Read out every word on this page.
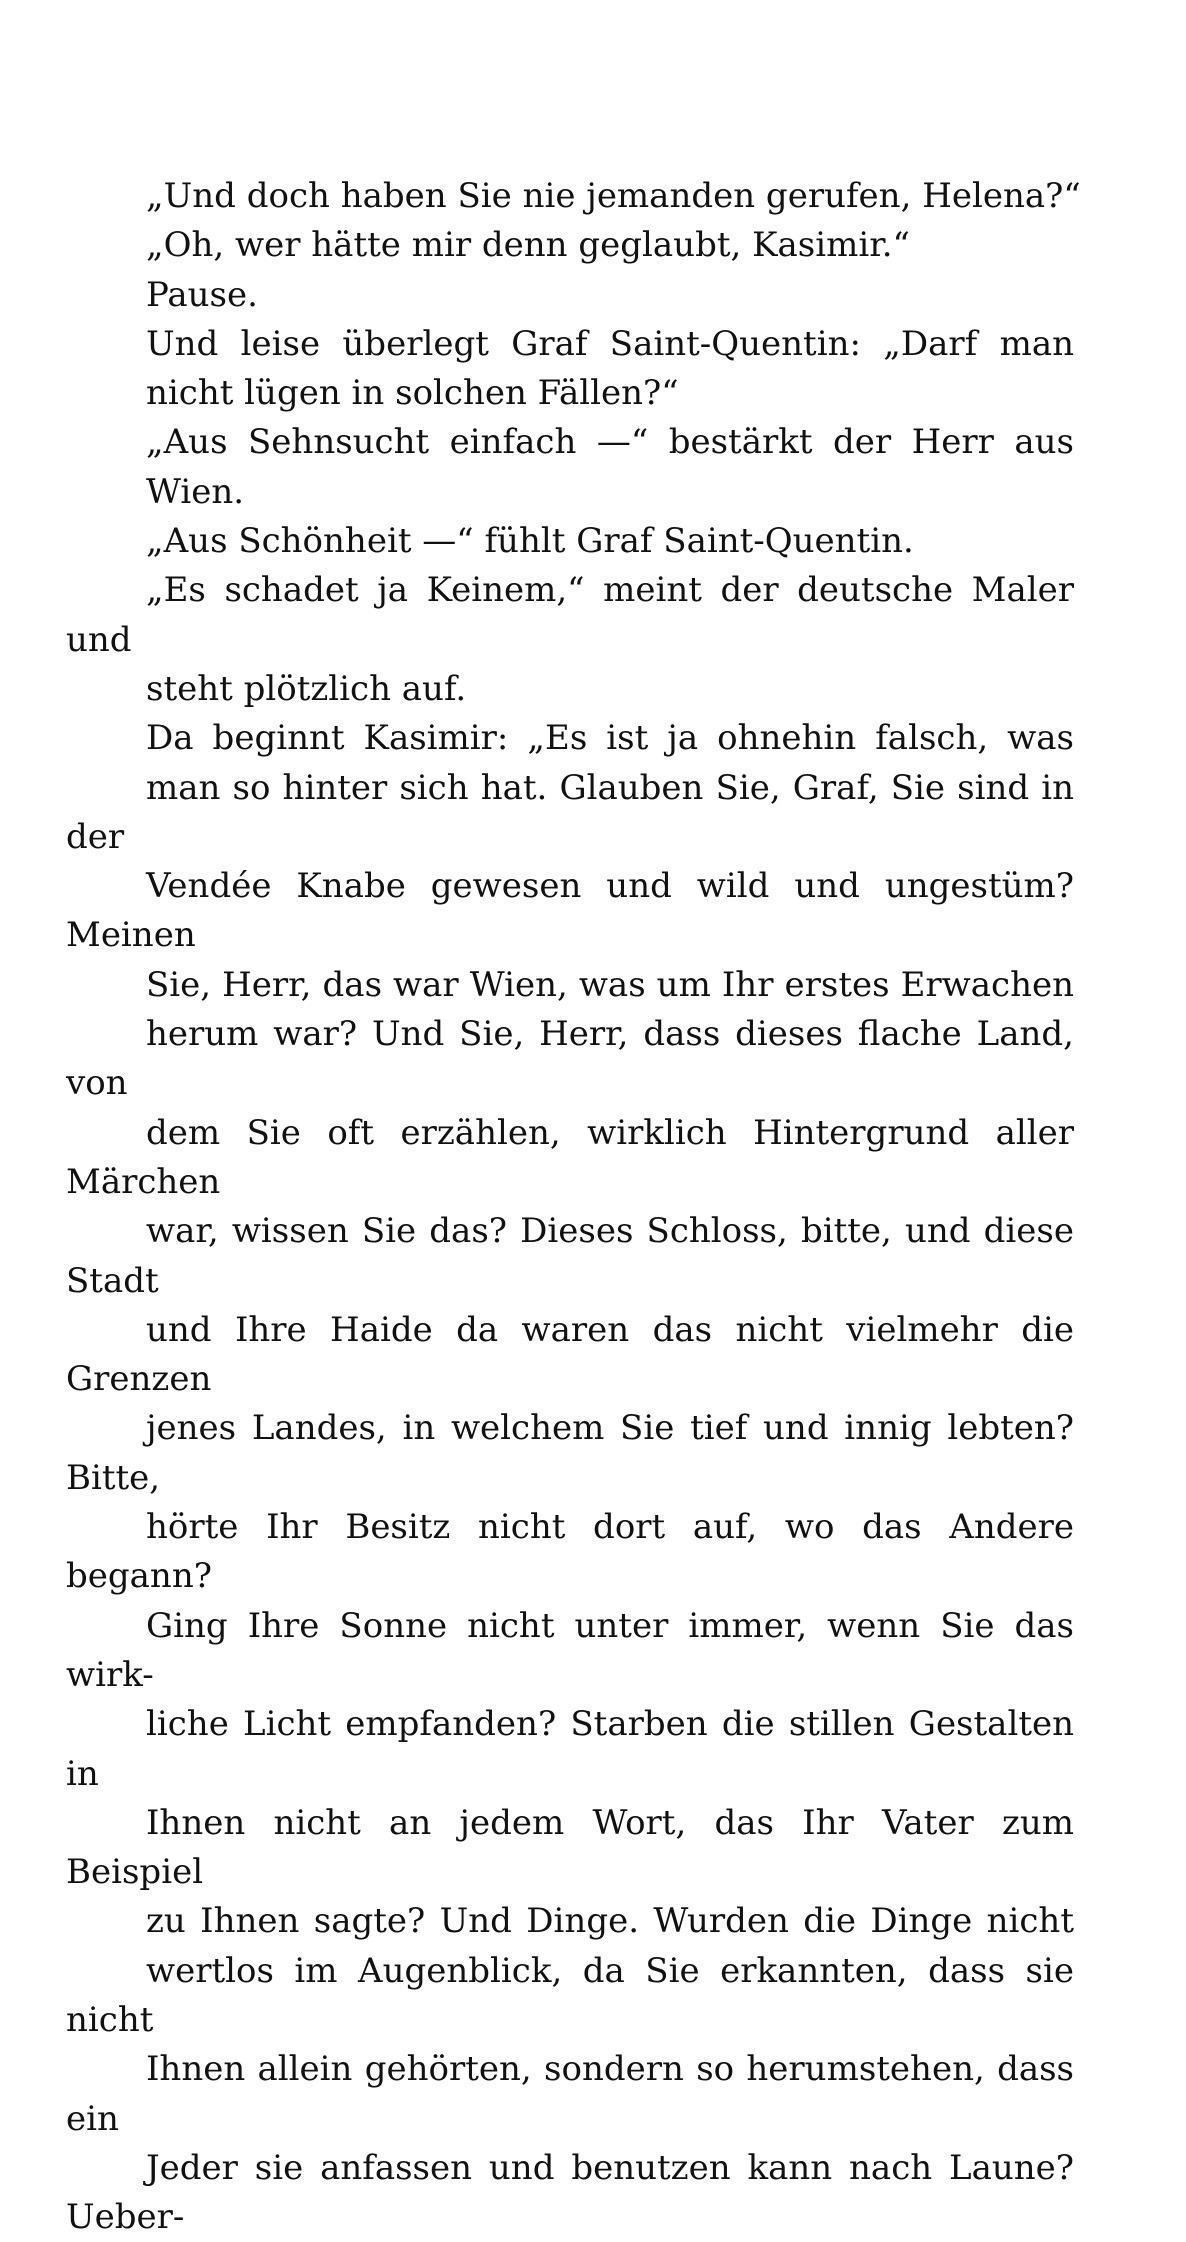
„Und doch haben Sie nie jemanden gerufen, Helena?“

„Oh, wer hätte mir denn geglaubt, Kasimir.“

Pause.

Und leise überlegt Graf Saint-Quentin: „Darf man
nicht lügen in solchen Fällen?“

„Aus Sehnsucht einfach —“ bestärkt der Herr aus
Wien.

„Aus Schönheit —“ fühlt Graf Saint-Quentin.

„Es schadet ja Keinem,“ meint der deutsche Maler und
steht plötzlich auf.

Da beginnt Kasimir: „Es ist ja ohnehin falsch, was
man so hinter sich hat. Glauben Sie, Graf, Sie sind in der
Vendée Knabe gewesen und wild und ungestüm? Meinen
Sie, Herr, das war Wien, was um Ihr erstes Erwachen
herum war? Und Sie, Herr, dass dieses flache Land, von
dem Sie oft erzählen, wirklich Hintergrund aller Märchen
war, wissen Sie das? Dieses Schloss, bitte, und diese Stadt
und Ihre Haide da waren das nicht vielmehr die Grenzen
jenes Landes, in welchem Sie tief und innig lebten? Bitte,
hörte Ihr Besitz nicht dort auf, wo das Andere begann?
Ging Ihre Sonne nicht unter immer, wenn Sie das wirk-
liche Licht empfanden? Starben die stillen Gestalten in
Ihnen nicht an jedem Wort, das Ihr Vater zum Beispiel
zu Ihnen sagte? Und Dinge. Wurden die Dinge nicht
wertlos im Augenblick, da Sie erkannten, dass sie nicht
Ihnen allein gehörten, sondern so herumstehen, dass ein
Jeder sie anfassen und benutzen kann nach Laune? Ueber-
